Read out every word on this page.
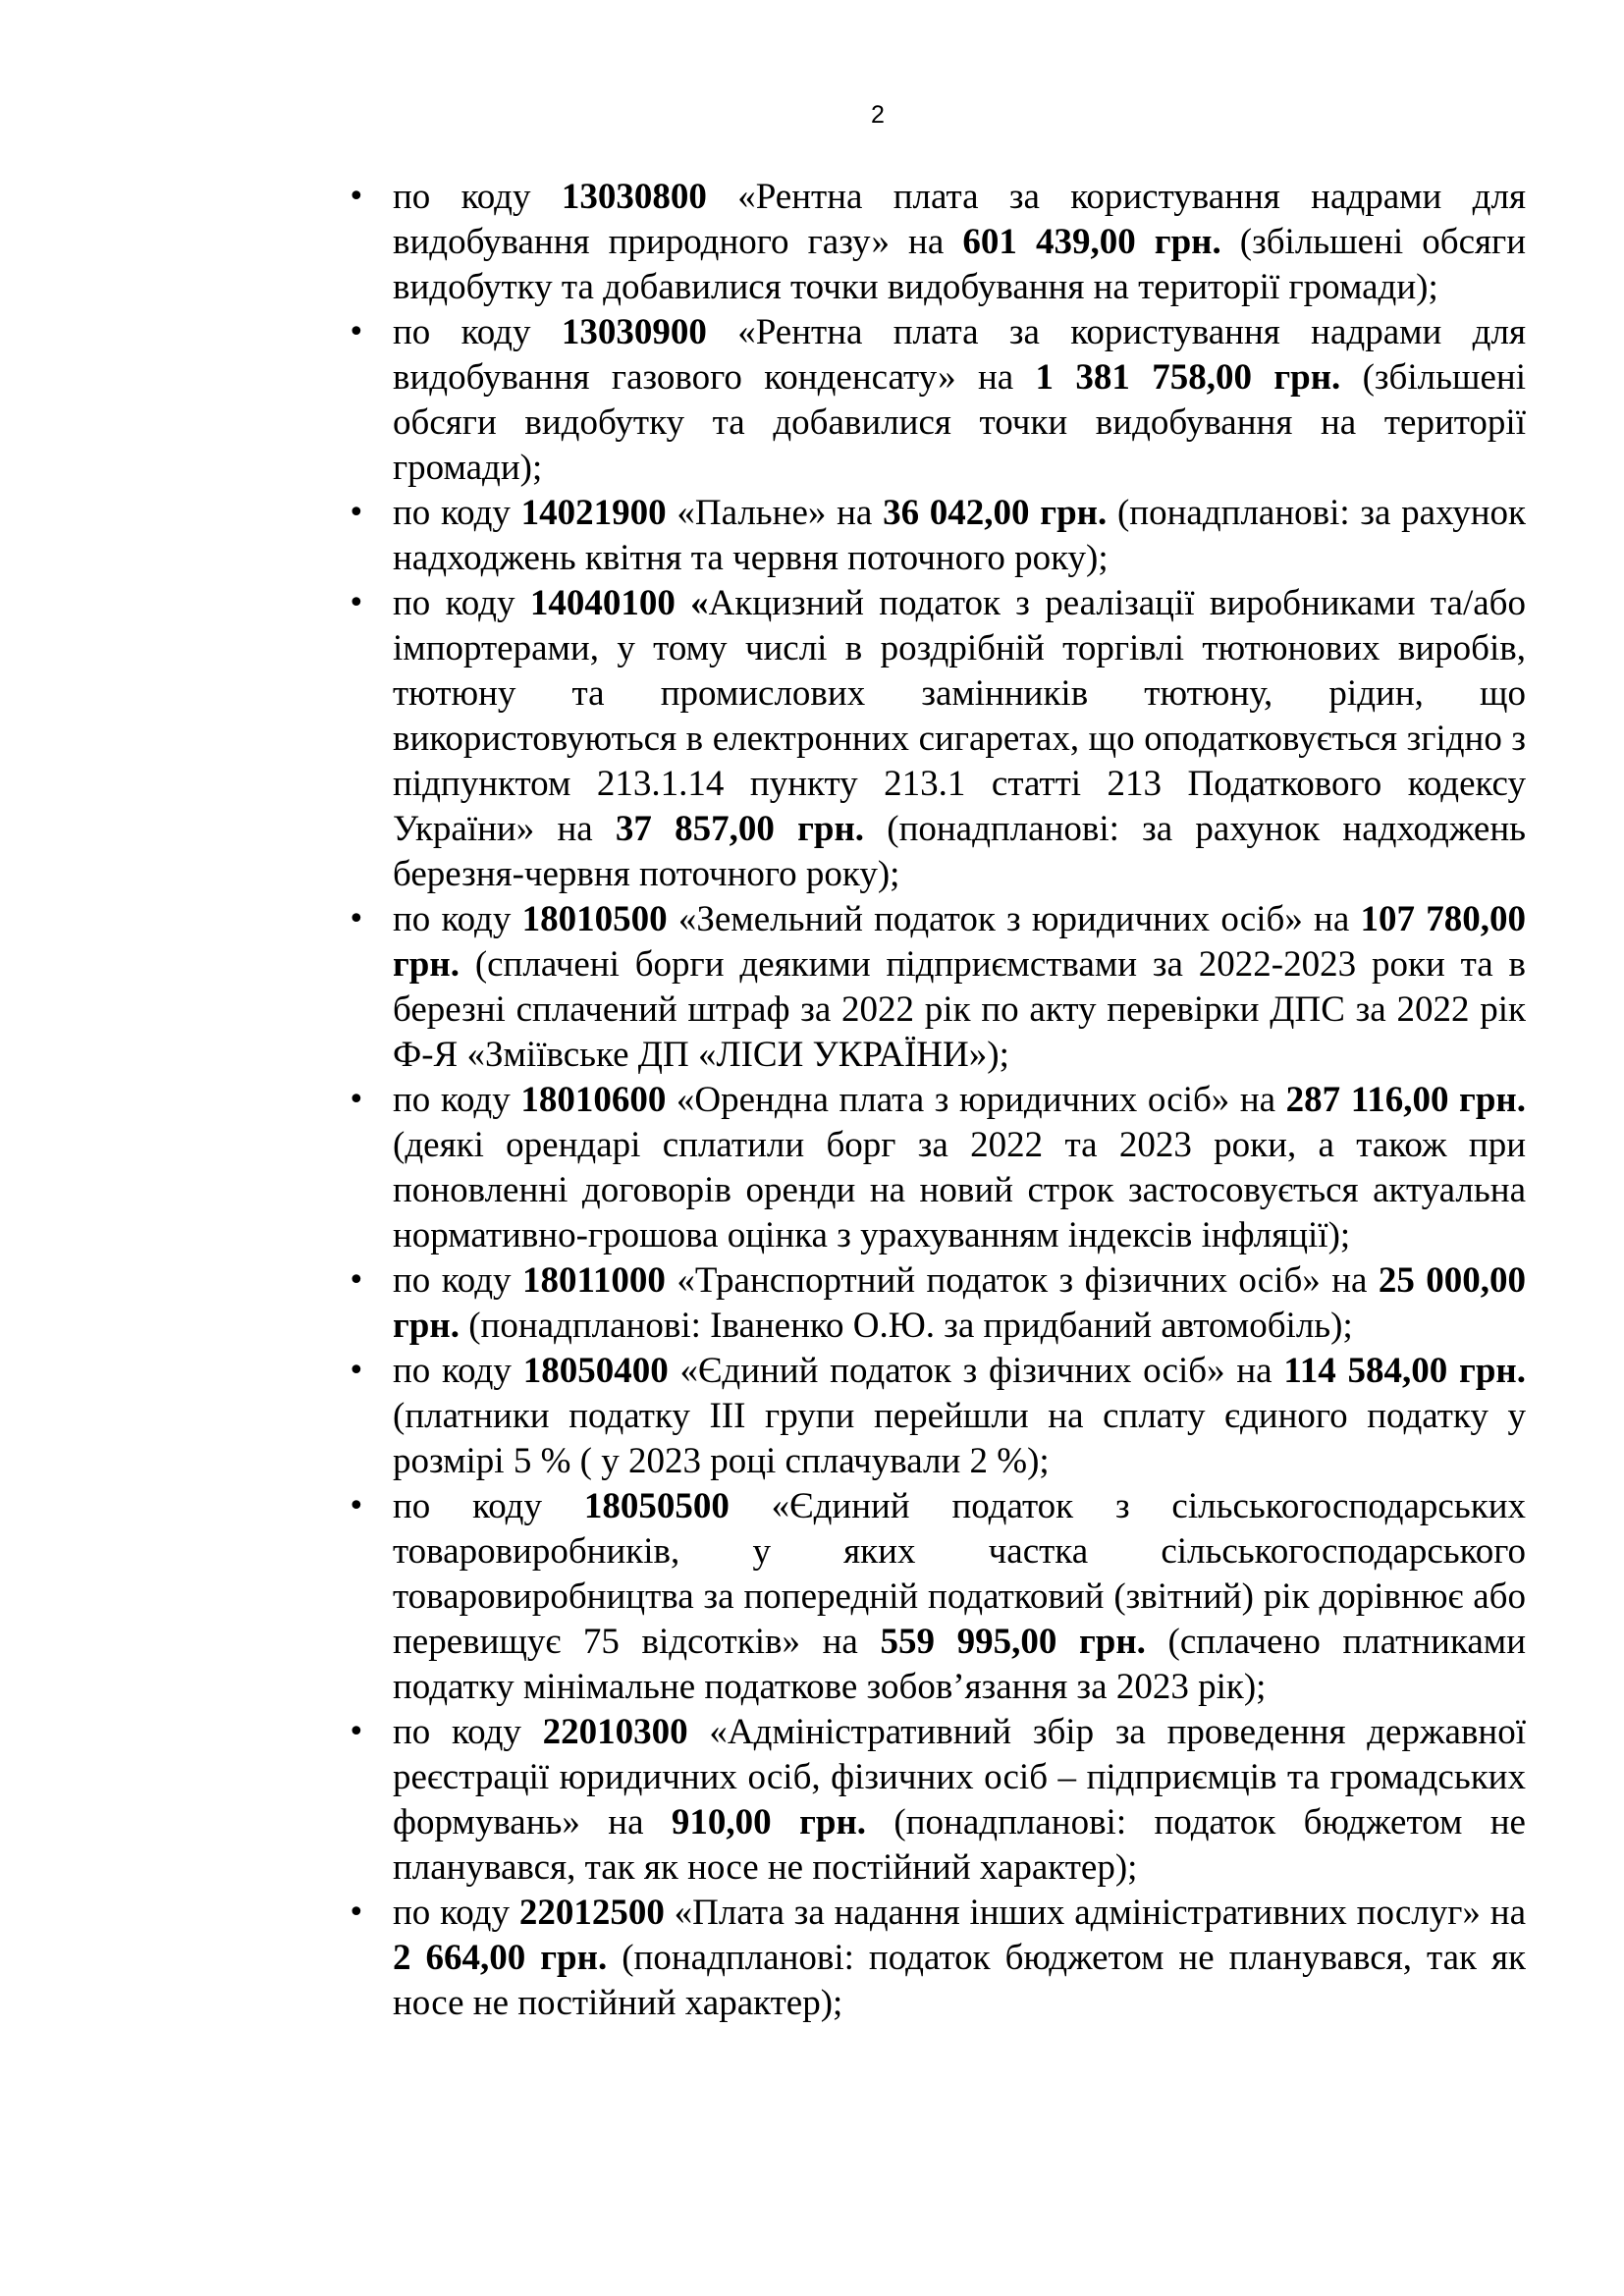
2
• по коду 13030800 «Рентна плата за користування надрами для видобування природного газу» на 601 439,00 грн. (збільшені обсяги видобутку та добавилися точки видобування на території громади);
• по коду 13030900 «Рентна плата за користування надрами для видобування газового конденсату» на 1 381 758,00 грн. (збільшені обсяги видобутку та добавилися точки видобування на території громади);
• по коду 14021900 «Пальне» на 36 042,00 грн. (понадпланові: за рахунок надходжень квітня та червня поточного року);
• по коду 14040100 «Акцизний податок з реалізації виробниками та/або імпортерами, у тому числі в роздрібній торгівлі тютюнових виробів, тютюну та промислових замінників тютюну, рідин, що використовуються в електронних сигаретах, що оподатковується згідно з підпунктом 213.1.14 пункту 213.1 статті 213 Податкового кодексу України» на 37 857,00 грн. (понадпланові: за рахунок надходжень березня-червня поточного року);
• по коду 18010500 «Земельний податок з юридичних осіб» на 107 780,00 грн. (сплачені борги деякими підприємствами за 2022-2023 роки та в березні сплачений штраф за 2022 рік по акту перевірки ДПС за 2022 рік Ф-Я «Зміївське ДП «ЛІСИ УКРАЇНИ»);
• по коду 18010600 «Орендна плата з юридичних осіб» на 287 116,00 грн. (деякі орендарі сплатили борг за 2022 та 2023 роки, а також при поновленні договорів оренди на новий строк застосовується актуальна нормативно-грошова оцінка з урахуванням індексів інфляції);
• по коду 18011000 «Транспортний податок з фізичних осіб» на 25 000,00 грн. (понадпланові: Іваненко О.Ю. за придбаний автомобіль);
• по коду 18050400 «Єдиний податок з фізичних осіб» на 114 584,00 грн. (платники податку ІІІ групи перейшли на сплату єдиного податку у розмірі 5 % ( у 2023 році сплачували 2 %);
• по коду 18050500 «Єдиний податок з сільськогосподарських товаровиробників, у яких частка сільськогосподарського товаровиробництва за попередній податковий (звітний) рік дорівнює або перевищує 75 відсотків» на 559 995,00 грн. (сплачено платниками податку мінімальне податкове зобов’язання за 2023 рік);
• по коду 22010300 «Адміністративний збір за проведення державної реєстрації юридичних осіб, фізичних осіб – підприємців та громадських формувань» на 910,00 грн. (понадпланові: податок бюджетом не планувався, так як носе не постійний характер);
• по коду 22012500 «Плата за надання інших адміністративних послуг» на 2 664,00 грн. (понадпланові: податок бюджетом не планувався, так як носе не постійний характер);
